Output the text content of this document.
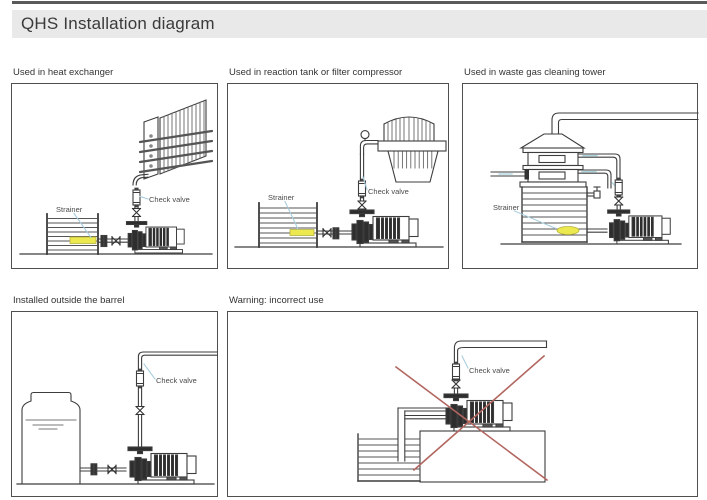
QHS Installation diagram
Used in heat exchanger
Strainer
Check valve
Used in reaction tank or filter compressor
Strainer
Check valve
Used in waste gas cleaning tower
Strainer
Installed outside the barrel
Check valve
Warning: incorrect use
Check valve
